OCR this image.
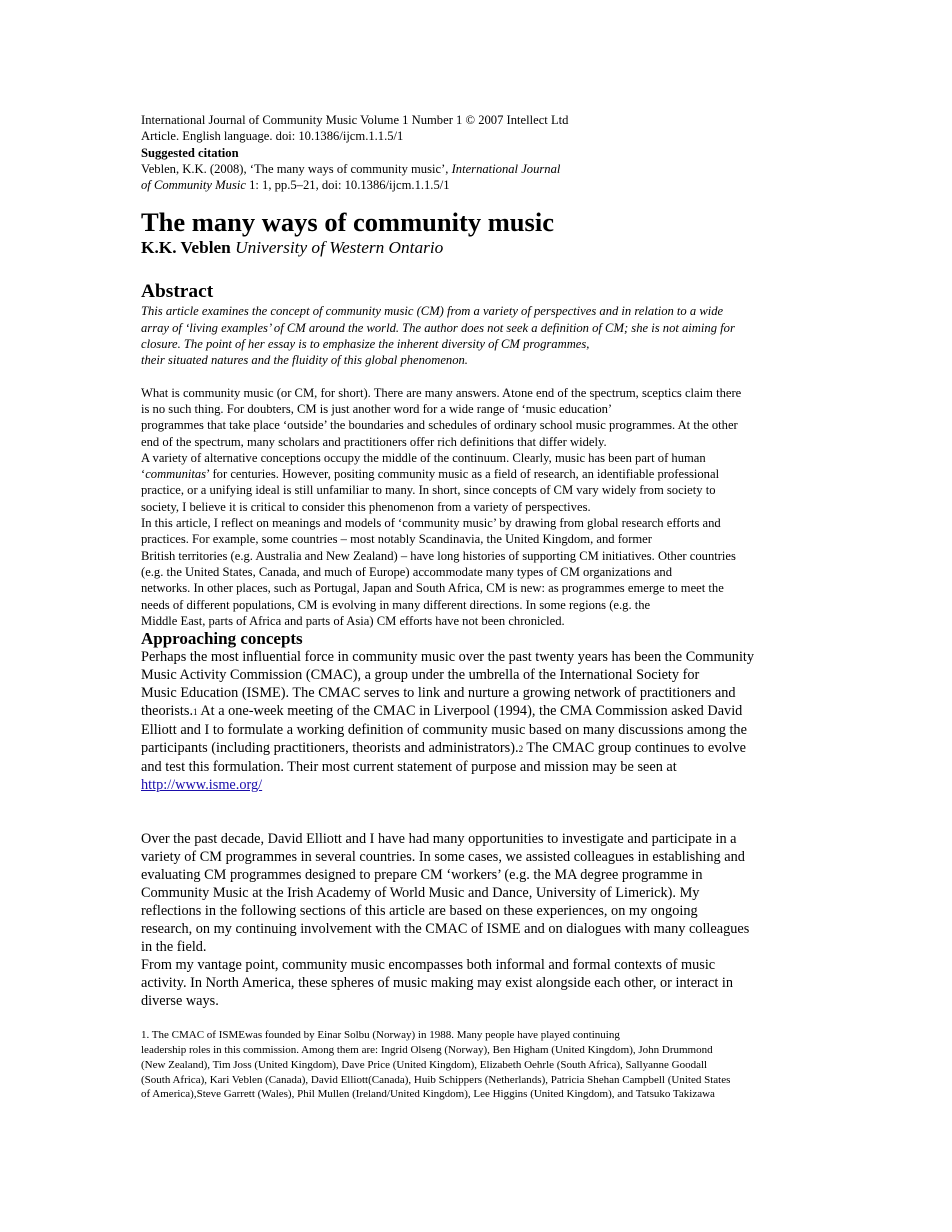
International Journal of Community Music Volume 1 Number 1 © 2007 Intellect Ltd
Article. English language. doi: 10.1386/ijcm.1.1.5/1
Suggested citation
Veblen, K.K. (2008), ‘The many ways of community music’, International Journal
of Community Music 1: 1, pp.5–21, doi: 10.1386/ijcm.1.1.5/1
The many ways of community music
K.K. Veblen University of Western Ontario
Abstract
This article examines the concept of community music (CM) from a variety of perspectives and in relation to a wide
array of ‘living examples’ of CM around the world. The author does not seek a definition of CM; she is not aiming for
closure. The point of her essay is to emphasize the inherent diversity of CM programmes,
their situated natures and the fluidity of this global phenomenon.
What is community music (or CM, for short). There are many answers. Atone end of the spectrum, sceptics claim there
is no such thing. For doubters, CM is just another word for a wide range of ‘music education’
programmes that take place ‘outside’ the boundaries and schedules of ordinary school music programmes. At the other
end of the spectrum, many scholars and practitioners offer rich definitions that differ widely.
A variety of alternative conceptions occupy the middle of the continuum. Clearly, music has been part of human
‘communitas’ for centuries. However, positing community music as a field of research, an identifiable professional
practice, or a unifying ideal is still unfamiliar to many. In short, since concepts of CM vary widely from society to
society, I believe it is critical to consider this phenomenon from a variety of perspectives.
In this article, I reflect on meanings and models of ‘community music’ by drawing from global research efforts and
practices. For example, some countries – most notably Scandinavia, the United Kingdom, and former
British territories (e.g. Australia and New Zealand) – have long histories of supporting CM initiatives. Other countries
(e.g. the United States, Canada, and much of Europe) accommodate many types of CM organizations and
networks. In other places, such as Portugal, Japan and South Africa, CM is new: as programmes emerge to meet the
needs of different populations, CM is evolving in many different directions. In some regions (e.g. the
Middle East, parts of Africa and parts of Asia) CM efforts have not been chronicled.
Approaching concepts
Perhaps the most influential force in community music over the past twenty years has been the Community
Music Activity Commission (CMAC), a group under the umbrella of the International Society for
Music Education (ISME). The CMAC serves to link and nurture a growing network of practitioners and
theorists.1 At a one-week meeting of the CMAC in Liverpool (1994), the CMA Commission asked David
Elliott and I to formulate a working definition of community music based on many discussions among the
participants (including practitioners, theorists and administrators).2 The CMAC group continues to evolve
and test this formulation. Their most current statement of purpose and mission may be seen at
http://www.isme.org/
Over the past decade, David Elliott and I have had many opportunities to investigate and participate in a
variety of CM programmes in several countries. In some cases, we assisted colleagues in establishing and
evaluating CM programmes designed to prepare CM ‘workers’ (e.g. the MA degree programme in
Community Music at the Irish Academy of World Music and Dance, University of Limerick). My
reflections in the following sections of this article are based on these experiences, on my ongoing
research, on my continuing involvement with the CMAC of ISME and on dialogues with many colleagues
in the field.
From my vantage point, community music encompasses both informal and formal contexts of music
activity. In North America, these spheres of music making may exist alongside each other, or interact in
diverse ways.
1. The CMAC of ISMEwas founded by Einar Solbu (Norway) in 1988. Many people have played continuing
leadership roles in this commission. Among them are: Ingrid Olseng (Norway), Ben Higham (United Kingdom), John Drummond
(New Zealand), Tim Joss (United Kingdom), Dave Price (United Kingdom), Elizabeth Oehrle (South Africa), Sallyanne Goodall
(South Africa), Kari Veblen (Canada), David Elliott(Canada), Huib Schippers (Netherlands), Patricia Shehan Campbell (United States
of America),Steve Garrett (Wales), Phil Mullen (Ireland/United Kingdom), Lee Higgins (United Kingdom), and Tatsuko Takizawa
